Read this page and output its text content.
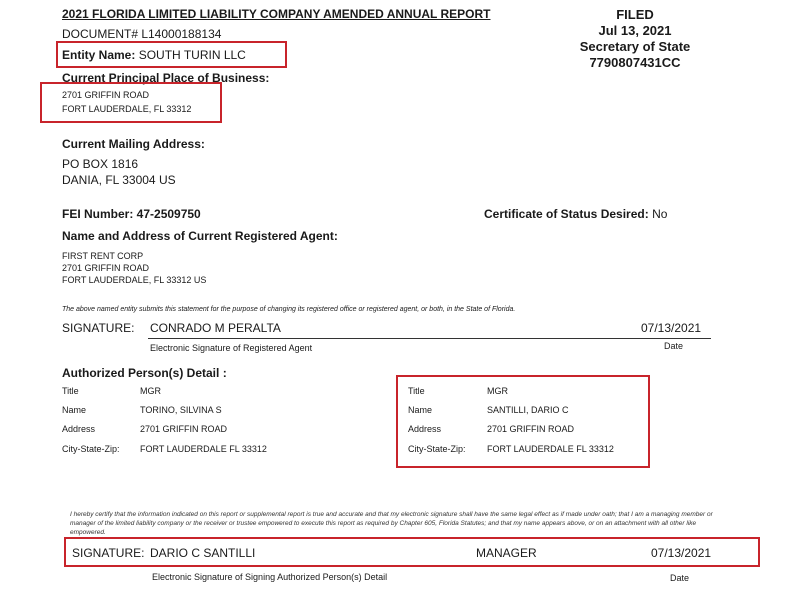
2021 FLORIDA LIMITED LIABILITY COMPANY AMENDED ANNUAL REPORT
DOCUMENT# L14000188134
FILED
Jul 13, 2021
Secretary of State
7790807431CC
Entity Name: SOUTH TURIN LLC
Current Principal Place of Business:
2701 GRIFFIN ROAD
FORT LAUDERDALE, FL 33312
Current Mailing Address:
PO BOX 1816
DANIA, FL 33004 US
FEI Number: 47-2509750	Certificate of Status Desired: No
Name and Address of Current Registered Agent:
FIRST RENT CORP
2701 GRIFFIN ROAD
FORT LAUDERDALE, FL 33312 US
The above named entity submits this statement for the purpose of changing its registered office or registered agent, or both, in the State of Florida.
SIGNATURE: CONRADO M PERALTA	07/13/2021
Electronic Signature of Registered Agent	Date
Authorized Person(s) Detail :
Title	MGR
Name	TORINO, SILVINA S
Address	2701 GRIFFIN ROAD
City-State-Zip: FORT LAUDERDALE FL 33312
Title	MGR
Name	SANTILLI, DARIO C
Address	2701 GRIFFIN ROAD
City-State-Zip: FORT LAUDERDALE FL 33312
I hereby certify that the information indicated on this report or supplemental report is true and accurate and that my electronic signature shall have the same legal effect as if made under oath; that I am a managing member or manager of the limited liability company or the receiver or trustee empowered to execute this report as required by Chapter 605, Florida Statutes; and that my name appears above, or on an attachment with all other like empowered.
SIGNATURE: DARIO C SANTILLI	MANAGER	07/13/2021
Electronic Signature of Signing Authorized Person(s) Detail	Date
